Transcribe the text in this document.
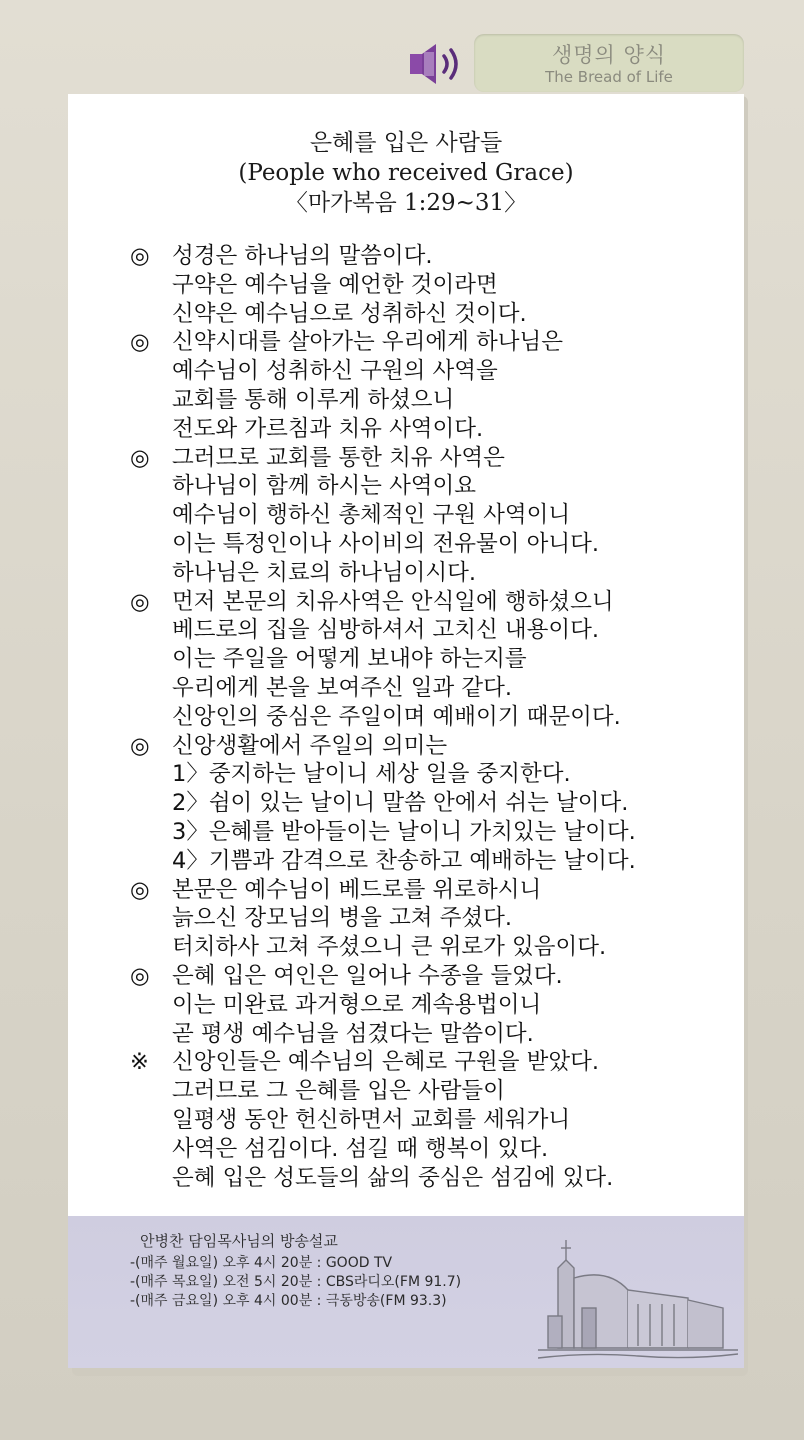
생명의 양식
The Bread of Life
은혜를 입은 사람들
(People who received Grace)
〈마가복음 1:29~31〉
◎ 성경은 하나님의 말씀이다.
구약은 예수님을 예언한 것이라면
신약은 예수님으로 성취하신 것이다.
◎ 신약시대를 살아가는 우리에게 하나님은
예수님이 성취하신 구원의 사역을
교회를 통해 이루게 하셨으니
전도와 가르침과 치유 사역이다.
◎ 그러므로 교회를 통한 치유 사역은
하나님이 함께 하시는 사역이요
예수님이 행하신 총체적인 구원 사역이니
이는 특정인이나 사이비의 전유물이 아니다.
하나님은 치료의 하나님이시다.
◎ 먼저 본문의 치유사역은 안식일에 행하셨으니
베드로의 집을 심방하셔서 고치신 내용이다.
이는 주일을 어떻게 보내야 하는지를
우리에게 본을 보여주신 일과 같다.
신앙인의 중심은 주일이며 예배이기 때문이다.
◎ 신앙생활에서 주일의 의미는
1〉중지하는 날이니 세상 일을 중지한다.
2〉쉼이 있는 날이니 말씀 안에서 쉬는 날이다.
3〉은혜를 받아들이는 날이니 가치있는 날이다.
4〉기쁨과 감격으로 찬송하고 예배하는 날이다.
◎ 본문은 예수님이 베드로를 위로하시니
늙으신 장모님의 병을 고쳐 주셨다.
터치하사 고쳐 주셨으니 큰 위로가 있음이다.
◎ 은혜 입은 여인은 일어나 수종을 들었다.
이는 미완료 과거형으로 계속용법이니
곧 평생 예수님을 섬겼다는 말씀이다.
※	신앙인들은 예수님의 은혜로 구원을 받았다.
그러므로 그 은혜를 입은 사람들이
일평생 동안 헌신하면서 교회를 세워가니
사역은 섬김이다. 섬길 때 행복이 있다.
은혜 입은 성도들의 삶의 중심은 섬김에 있다.
안병찬 담임목사님의 방송설교
-(매주 월요일) 오후 4시 20분 : GOOD TV
-(매주 목요일) 오전 5시 20분 : CBS라디오(FM 91.7)
-(매주 금요일) 오후 4시 00분 : 극동방송(FM 93.3)
